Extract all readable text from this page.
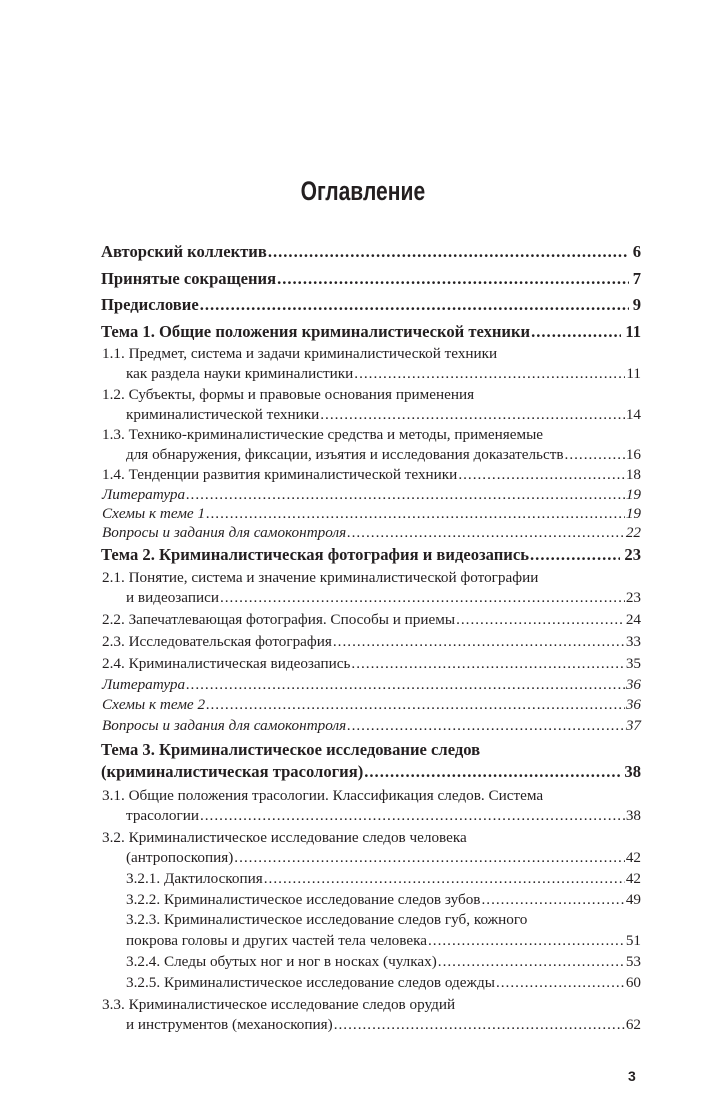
Оглавление
Авторский коллектив .....	6
Принятые сокращения .....	7
Предисловие .....	9
Тема 1. Общие положения криминалистической техники .....	11
1.1. Предмет, система и задачи криминалистической техники
как раздела науки криминалистики .....	11
1.2. Субъекты, формы и правовые основания применения
криминалистической техники .....	14
1.3. Технико-криминалистические средства и методы, применяемые
для обнаружения, фиксации, изъятия и исследования доказательств .....	16
1.4. Тенденции развития криминалистической техники .....	18
Литература .....	19
Схемы к теме 1 .....	19
Вопросы и задания для самоконтроля .....	22
Тема 2. Криминалистическая фотография и видеозапись .....	23
2.1. Понятие, система и значение криминалистической фотографии
и видеозаписи .....	23
2.2. Запечатлевающая фотография. Способы и приемы .....	24
2.3. Исследовательская фотография .....	33
2.4. Криминалистическая видеозапись .....	35
Литература .....	36
Схемы к теме 2 .....	36
Вопросы и задания для самоконтроля .....	37
Тема 3. Криминалистическое исследование следов
(криминалистическая трасология) .....	38
3.1. Общие положения трасологии. Классификация следов. Система
трасологии .....	38
3.2. Криминалистическое исследование следов человека
(антропоскопия) .....	42
3.2.1. Дактилоскопия .....	42
3.2.2. Криминалистическое исследование следов зубов .....	49
3.2.3. Криминалистическое исследование следов губ, кожного
покрова головы и других частей тела человека .....	51
3.2.4. Следы обутых ног и ног в носках (чулках) .....	53
3.2.5. Криминалистическое исследование следов одежды .....	60
3.3. Криминалистическое исследование следов орудий
и инструментов (механоскопия) .....	62
3
